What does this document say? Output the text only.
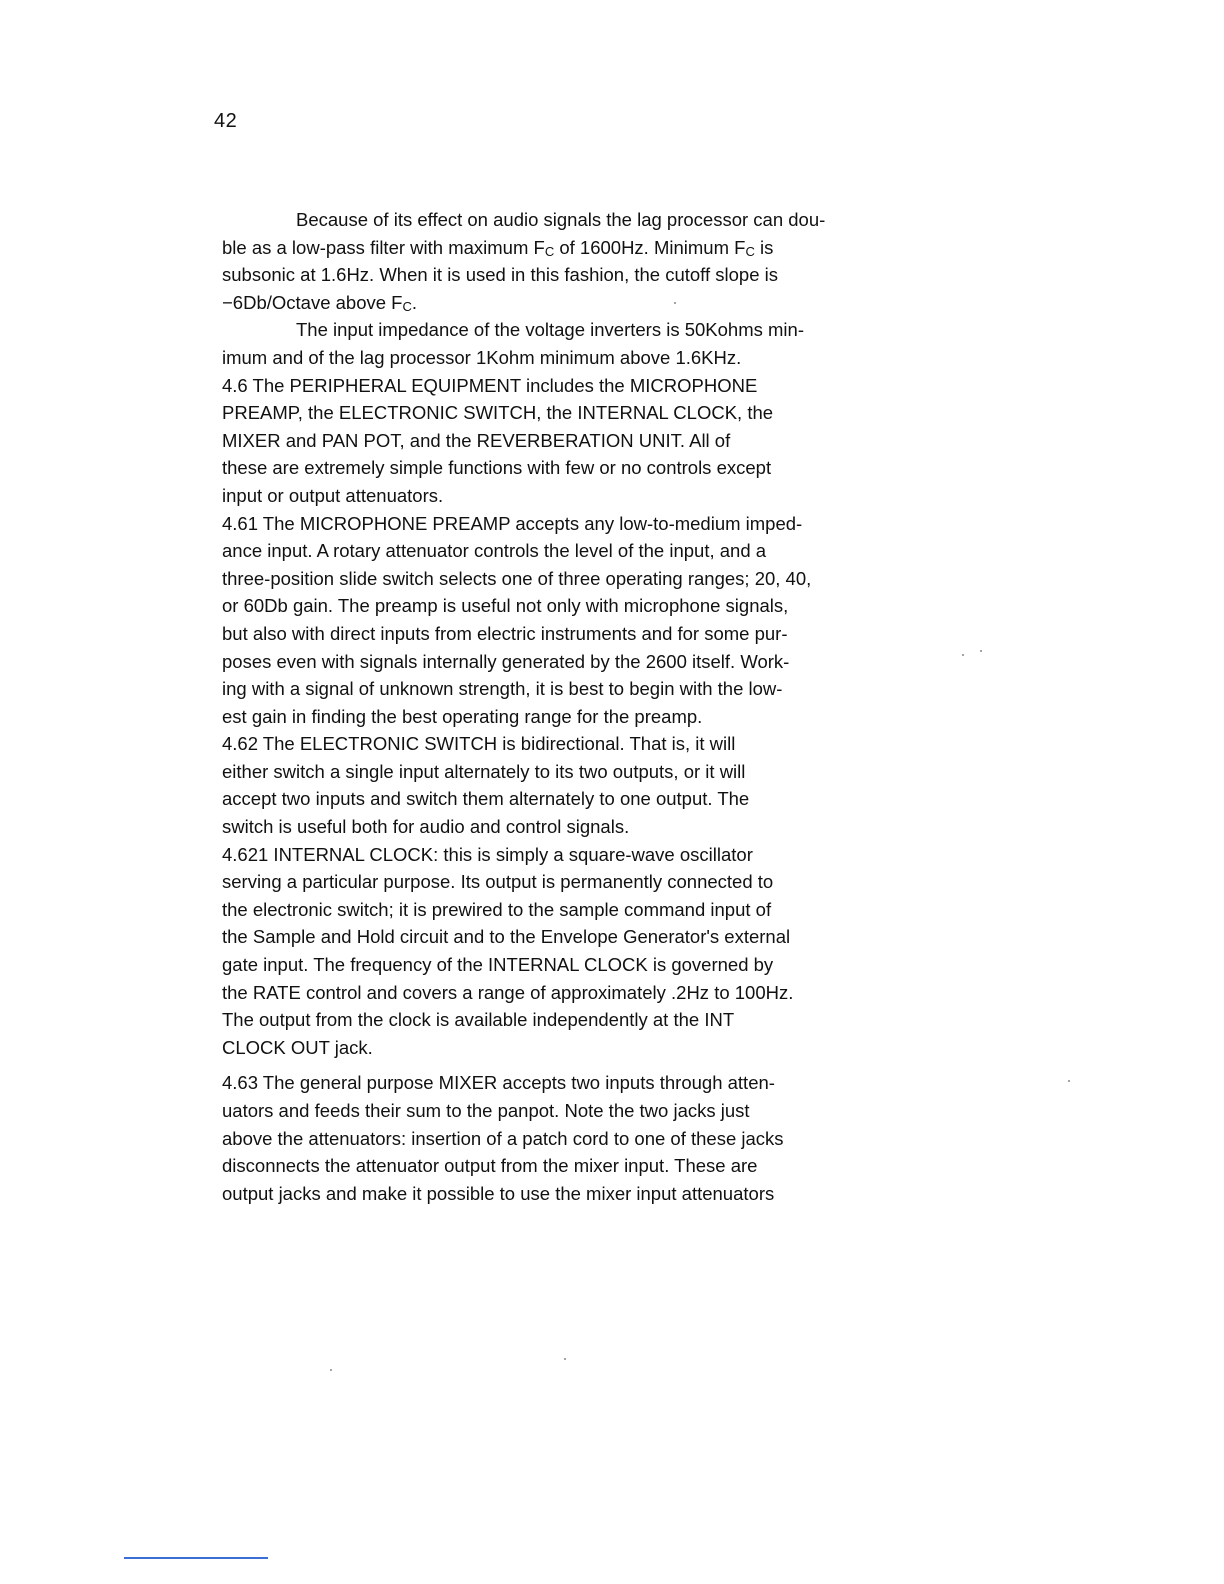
42
Because of its effect on audio signals the lag processor can dou-
ble as a low-pass filter with maximum FC of 1600Hz. Minimum FC is
subsonic at 1.6Hz. When it is used in this fashion, the cutoff slope is
−6Db/Octave above FC.
The input impedance of the voltage inverters is 50Kohms min-
imum and of the lag processor 1Kohm minimum above 1.6KHz.
4.6 The PERIPHERAL EQUIPMENT includes the MICROPHONE
PREAMP, the ELECTRONIC SWITCH, the INTERNAL CLOCK, the
MIXER and PAN POT, and the REVERBERATION UNIT. All of
these are extremely simple functions with few or no controls except
input or output attenuators.
4.61 The MICROPHONE PREAMP accepts any low-to-medium imped-
ance input. A rotary attenuator controls the level of the input, and a
three-position slide switch selects one of three operating ranges; 20, 40,
or 60Db gain. The preamp is useful not only with microphone signals,
but also with direct inputs from electric instruments and for some pur-
poses even with signals internally generated by the 2600 itself. Work-
ing with a signal of unknown strength, it is best to begin with the low-
est gain in finding the best operating range for the preamp.
4.62 The ELECTRONIC SWITCH is bidirectional. That is, it will
either switch a single input alternately to its two outputs, or it will
accept two inputs and switch them alternately to one output. The
switch is useful both for audio and control signals.
4.621 INTERNAL CLOCK: this is simply a square-wave oscillator
serving a particular purpose. Its output is permanently connected to
the electronic switch; it is prewired to the sample command input of
the Sample and Hold circuit and to the Envelope Generator's external
gate input. The frequency of the INTERNAL CLOCK is governed by
the RATE control and covers a range of approximately .2Hz to 100Hz.
The output from the clock is available independently at the INT
CLOCK OUT jack.
4.63 The general purpose MIXER accepts two inputs through atten-
uators and feeds their sum to the panpot. Note the two jacks just
above the attenuators: insertion of a patch cord to one of these jacks
disconnects the attenuator output from the mixer input. These are
output jacks and make it possible to use the mixer input attenuators
